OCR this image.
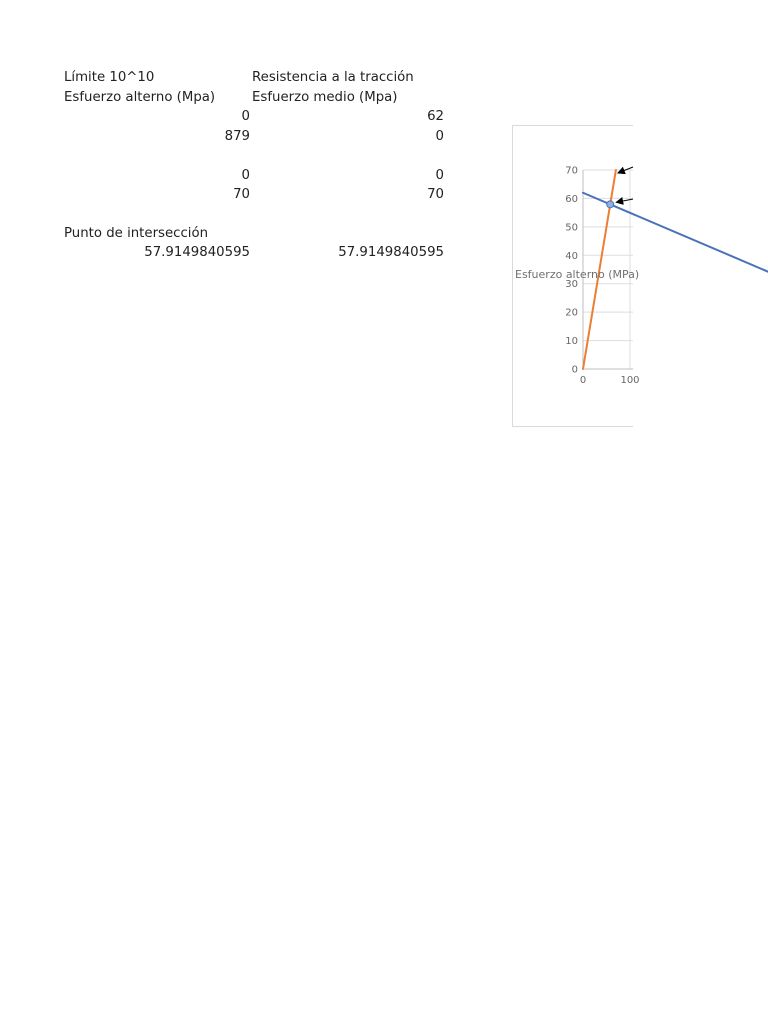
Límite 10^10	Resistencia a la tracción
Esfuerzo alterno (Mpa)	Esfuerzo medio (Mpa)
0	62
879	0
0	0
70	70
Punto de intersección
57.9149840595	57.9149840595
0
10
20
30
40
50
60
70
0	100
Esfuerzo alterno (MPa)
